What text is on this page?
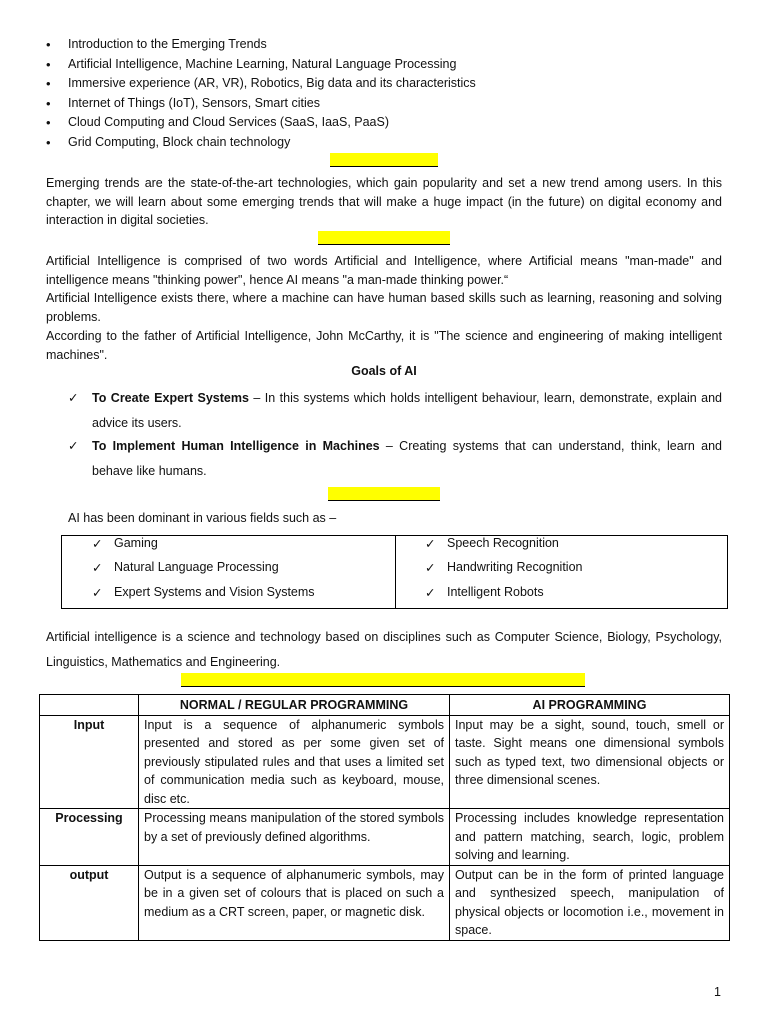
• Introduction to the Emerging Trends
• Artificial Intelligence, Machine Learning, Natural Language Processing
• Immersive experience (AR, VR), Robotics, Big data and its characteristics
• Internet of Things (IoT), Sensors, Smart cities
• Cloud Computing and Cloud Services (SaaS, IaaS, PaaS)
• Grid Computing, Block chain technology
Emerging trends are the state-of-the-art technologies, which gain popularity and set a new trend among users. In this chapter, we will learn about some emerging trends that will make a huge impact (in the future) on digital economy and interaction in digital societies.
Artificial Intelligence is comprised of two words Artificial and Intelligence, where Artificial means "man-made" and intelligence means "thinking power", hence AI means "a man-made thinking power.“
Artificial Intelligence exists there, where a machine can have human based skills such as learning, reasoning and solving problems.
According to the father of Artificial Intelligence, John McCarthy, it is "The science and engineering of making intelligent machines".
Goals of AI
✓	To Create Expert Systems – In this systems which holds intelligent behaviour, learn, demonstrate, explain and advice its users.
✓	To Implement Human Intelligence in Machines – Creating systems that can understand, think, learn and behave like humans.
AI has been dominant in various fields such as –
✓ Gaming
✓ Natural Language Processing
✓ Expert Systems and Vision Systems
✓ Speech Recognition
✓ Handwriting Recognition
✓ Intelligent Robots
Artificial intelligence is a science and technology based on disciplines such as Computer Science, Biology, Psychology, Linguistics, Mathematics and Engineering.
	NORMAL / REGULAR PROGRAMMING	AI PROGRAMMING
Input	Input is a sequence of alphanumeric symbols presented and stored as per some given set of previously stipulated rules and that uses a limited set of communication media such as keyboard, mouse, disc etc.	Input may be a sight, sound, touch, smell or taste. Sight means one dimensional symbols such as typed text, two dimensional objects or three dimensional scenes.
Processing	Processing means manipulation of the stored symbols by a set of previously defined algorithms.	Processing includes knowledge representation and pattern matching, search, logic, problem solving and learning.
output	Output is a sequence of alphanumeric symbols, may be in a given set of colours that is placed on such a medium as a CRT screen, paper, or magnetic disk.	Output can be in the form of printed language and synthesized speech, manipulation of physical objects or locomotion i.e., movement in space.
1
